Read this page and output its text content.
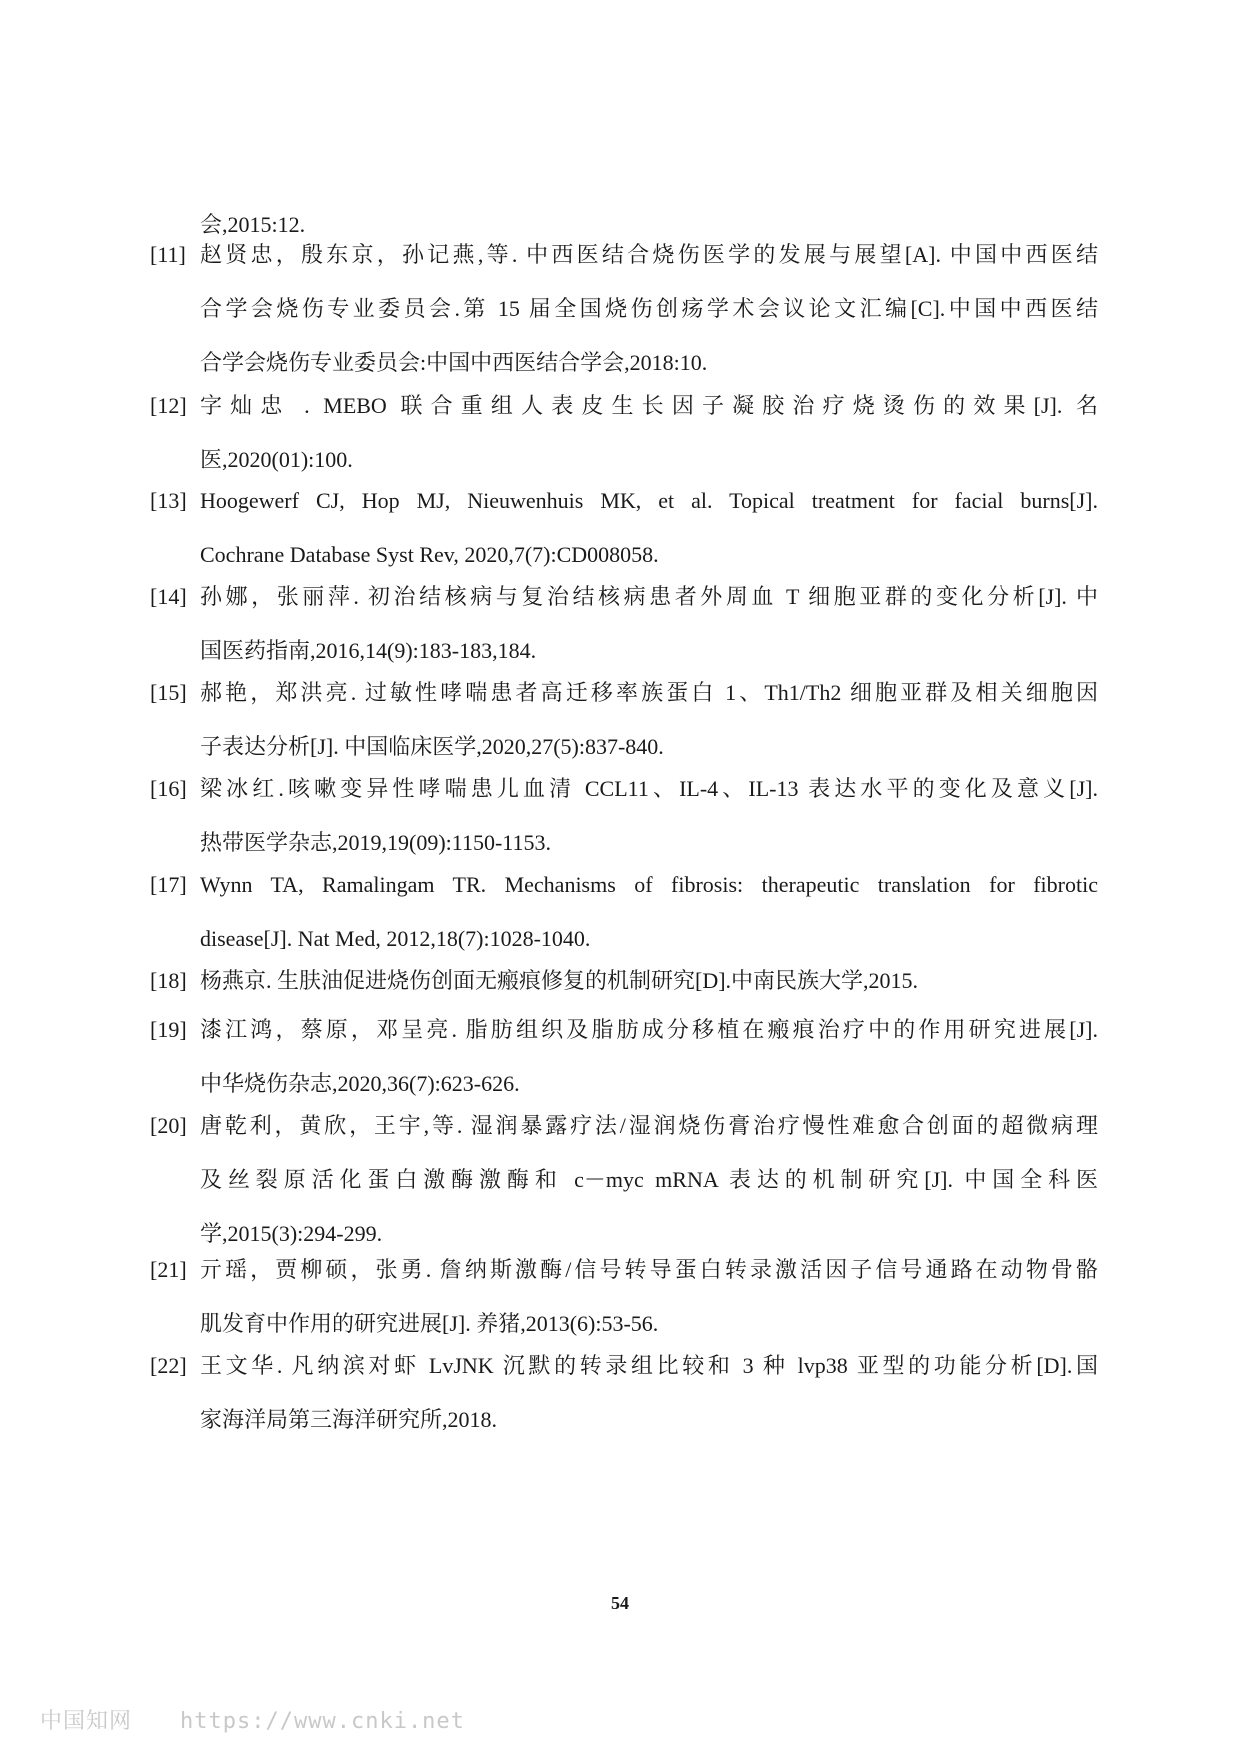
会,2015:12.
[11] 赵贤忠，殷东京，孙记燕,等. 中西医结合烧伤医学的发展与展望[A]. 中国中西医结
合学会烧伤专业委员会.第 15 届全国烧伤创疡学术会议论文汇编[C].中国中西医结
合学会烧伤专业委员会:中国中西医结合学会,2018:10.
[12] 字灿忠 . MEBO 联合重组人表皮生长因子凝胶治疗烧烫伤的效果[J]. 名
医,2020(01):100.
[13] Hoogewerf CJ, Hop MJ, Nieuwenhuis MK, et al. Topical treatment for facial burns[J].
Cochrane Database Syst Rev, 2020,7(7):CD008058.
[14] 孙娜，张丽萍. 初治结核病与复治结核病患者外周血 T 细胞亚群的变化分析[J]. 中
国医药指南,2016,14(9):183-183,184.
[15] 郝艳，郑洪亮. 过敏性哮喘患者高迁移率族蛋白 1、Th1/Th2 细胞亚群及相关细胞因
子表达分析[J]. 中国临床医学,2020,27(5):837-840.
[16] 梁冰红.咳嗽变异性哮喘患儿血清 CCL11、IL-4、IL-13 表达水平的变化及意义[J].
热带医学杂志,2019,19(09):1150-1153.
[17] Wynn TA, Ramalingam TR. Mechanisms of fibrosis: therapeutic translation for fibrotic
disease[J]. Nat Med, 2012,18(7):1028-1040.
[18] 杨燕京. 生肤油促进烧伤创面无瘢痕修复的机制研究[D].中南民族大学,2015.
[19] 漆江鸿，蔡原，邓呈亮. 脂肪组织及脂肪成分移植在瘢痕治疗中的作用研究进展[J].
中华烧伤杂志,2020,36(7):623-626.
[20] 唐乾利，黄欣，王宇,等. 湿润暴露疗法/湿润烧伤膏治疗慢性难愈合创面的超微病理
及丝裂原活化蛋白激酶激酶和 c－myc mRNA 表达的机制研究[J]. 中国全科医
学,2015(3):294-299.
[21] 亓瑶，贾柳硕，张勇. 詹纳斯激酶/信号转导蛋白转录激活因子信号通路在动物骨骼
肌发育中作用的研究进展[J]. 养猪,2013(6):53-56.
[22] 王文华. 凡纳滨对虾 LvJNK 沉默的转录组比较和 3 种 lvp38 亚型的功能分析[D].国
家海洋局第三海洋研究所,2018.
54
中国知网 https://www.cnki.net
